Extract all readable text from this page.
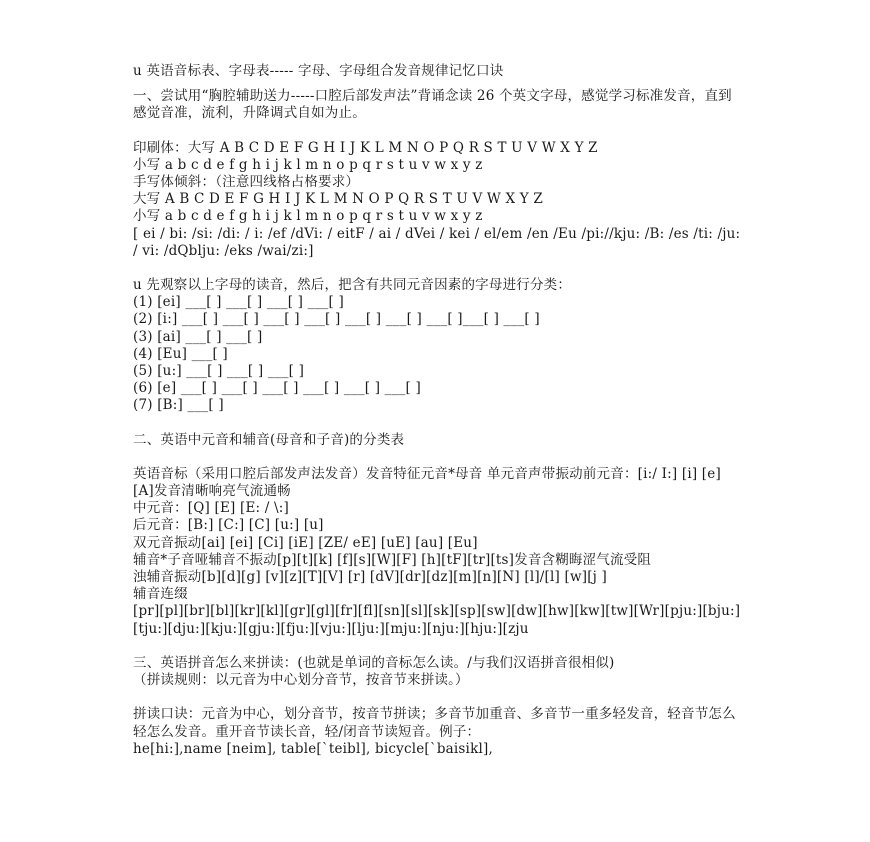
u 英语音标表、字母表----- 字母、字母组合发音规律记忆口诀
一、尝试用“胸腔辅助送力-----口腔后部发声法”背诵念读 26 个英文字母，感觉学习标准发音，直到感觉音准，流利，升降调式自如为止。
印刷体：大写 A B C D E F G H I J K L M N O P Q R S T U V W X Y Z
小写 a b c d e f g h i j k l m n o p q r s t u v w x y z
手写体倾斜：（注意四线格占格要求）
大写 A B C D E F G H I J K L M N O P Q R S T U V W X Y Z
小写 a b c d e f g h i j k l m n o p q r s t u v w x y z
[ ei / bi: /si: /di: / i: /ef /dVi: / eitF / ai / dVei / kei / el/em /en /Eu /pi://kju: /B: /es /ti: /ju: / vi: /dQblju: /eks /wai/zi:]
u 先观察以上字母的读音，然后，把含有共同元音因素的字母进行分类：
(1) [ei] ___[ ] ___[ ] ___[ ] ___[ ]
(2) [i:] ___[ ] ___[ ] ___[ ] ___[ ] ___[ ] ___[ ] ___[ ]___[ ] ___[ ]
(3) [ai] ___[ ] ___[ ]
(4) [Eu] ___[ ]
(5) [u:] ___[ ] ___[ ] ___[ ]
(6) [e] ___[ ] ___[ ] ___[ ] ___[ ] ___[ ] ___[ ]
(7) [B:] ___[ ]
二、英语中元音和辅音(母音和子音)的分类表
英语音标（采用口腔后部发声法发音）发音特征元音*母音 单元音声带振动前元音：[i:/ I:] [i] [e] [A]发音清晰响亮气流通畅
中元音：[Q] [E] [E: / \:]
后元音：[B:] [C:] [C] [u:] [u]
双元音振动[ai] [ei] [Ci] [iE] [ZE/ eE] [uE] [au] [Eu]
辅音*子音哑辅音不振动[p][t][k] [f][s][W][F] [h][tF][tr][ts]发音含糊晦涩气流受阻
浊辅音振动[b][d][g] [v][z][T][V] [r] [dV][dr][dz][m][n][N] [l]/[l] [w][j ]
辅音连缀
[pr][pl][br][bl][kr][kl][gr][gl][fr][fl][sn][sl][sk][sp][sw][dw][hw][kw][tw][Wr][pju:][bju:][tju:][dju:][kju:][gju:][fju:][vju:][lju:][mju:][nju:][hju:][zju
三、英语拼音怎么来拼读：(也就是单词的音标怎么读。/与我们汉语拼音很相似)
（拼读规则：以元音为中心划分音节，按音节来拼读。）
拼读口诀：元音为中心，划分音节，按音节拼读；多音节加重音、多音节一重多轻发音，轻音节怎么轻怎么发音。重开音节读长音，轻/闭音节读短音。例子：
he[hi:],name [neim], table[ˋteibl], bicycle[ˋbaisikl],
